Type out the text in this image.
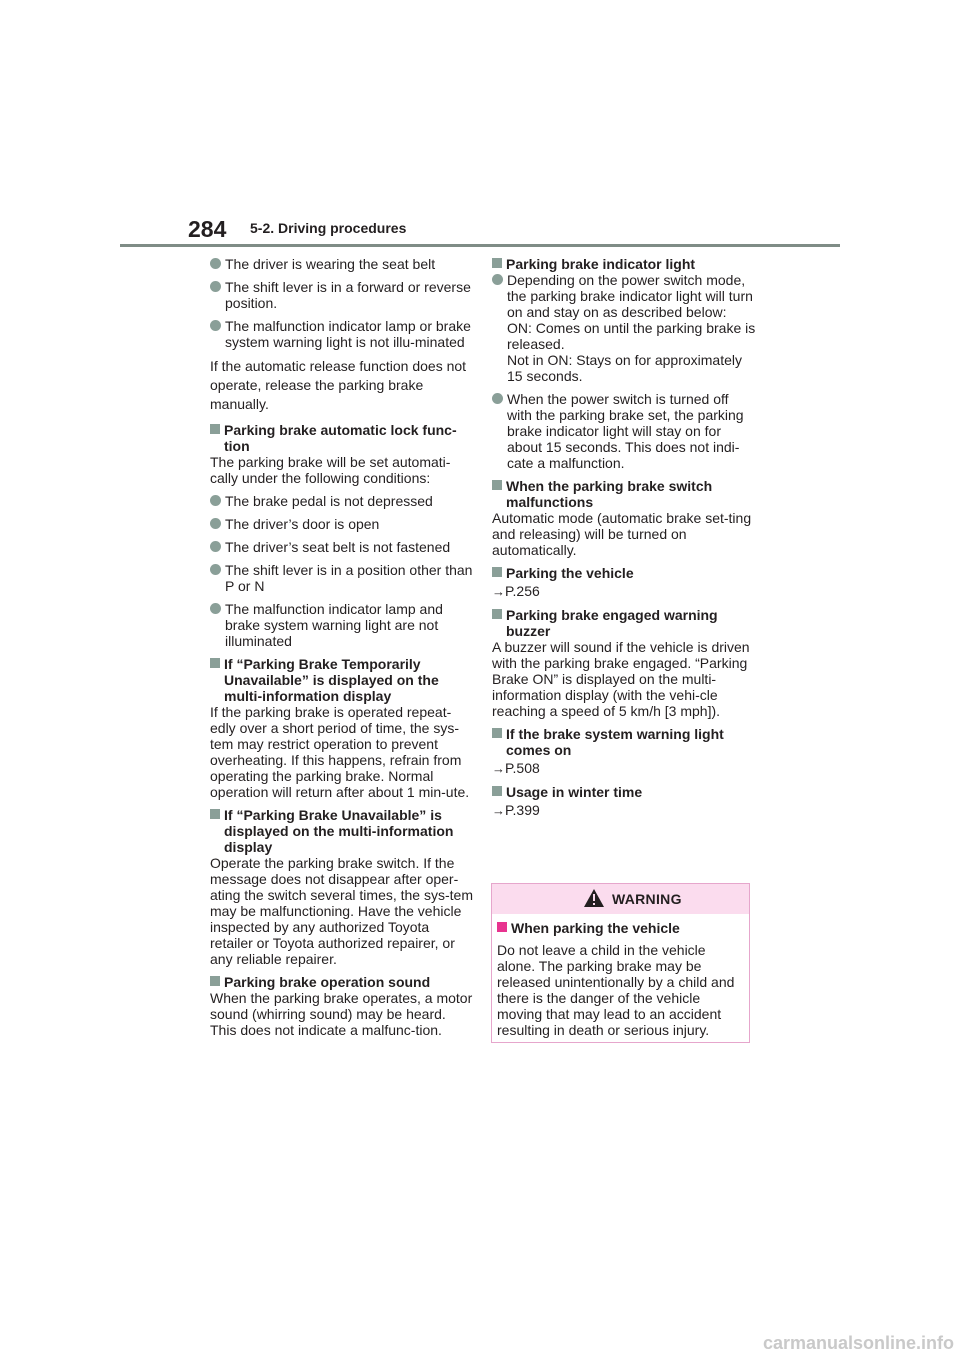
284 5-2. Driving procedures
The driver is wearing the seat belt
The shift lever is in a forward or reverse position.
The malfunction indicator lamp or brake system warning light is not illu-minated

If the automatic release function does not operate, release the parking brake manually.

Parking brake automatic lock func-tion

The parking brake will be set automati-cally under the following conditions:

The brake pedal is not depressed
The driver’s door is open
The driver’s seat belt is not fastened
The shift lever is in a position other than P or N
The malfunction indicator lamp and brake system warning light are not illuminated
If “Parking Brake Temporarily Unavailable” is displayed on the multi-information display

If the parking brake is operated repeat-edly over a short period of time, the sys-tem may restrict operation to prevent overheating. If this happens, refrain from operating the parking brake. Normal operation will return after about 1 min-ute.

If “Parking Brake Unavailable” is displayed on the multi-information display

Operate the parking brake switch. If the message does not disappear after oper-ating the switch several times, the sys-tem may be malfunctioning. Have the vehicle inspected by any authorized Toyota retailer or Toyota authorized repairer, or any reliable repairer.

Parking brake operation sound

When the parking brake operates, a motor sound (whirring sound) may be heard. This does not indicate a malfunc-tion.

Parking brake indicator light
Depending on the power switch mode, the parking brake indicator light will turn on and stay on as described below:
ON: Comes on until the parking brake is released.
Not in ON: Stays on for approximately 15 seconds.
When the power switch is turned off with the parking brake set, the parking brake indicator light will stay on for about 15 seconds. This does not indi-cate a malfunction.
When the parking brake switch malfunctions

Automatic mode (automatic brake set-ting and releasing) will be turned on automatically.

Parking the vehicle

→P.256

Parking brake engaged warning buzzer

A buzzer will sound if the vehicle is driven with the parking brake engaged. “Parking Brake ON” is displayed on the multi-information display (with the vehi-cle reaching a speed of 5 km/h [3 mph]).

If the brake system warning light comes on

→P.508

Usage in winter time

→P.399

WARNING
When parking the vehicle

Do not leave a child in the vehicle alone. The parking brake may be released unintentionally by a child and there is the danger of the vehicle moving that may lead to an accident resulting in death or serious injury.

carmanualsonline.info
